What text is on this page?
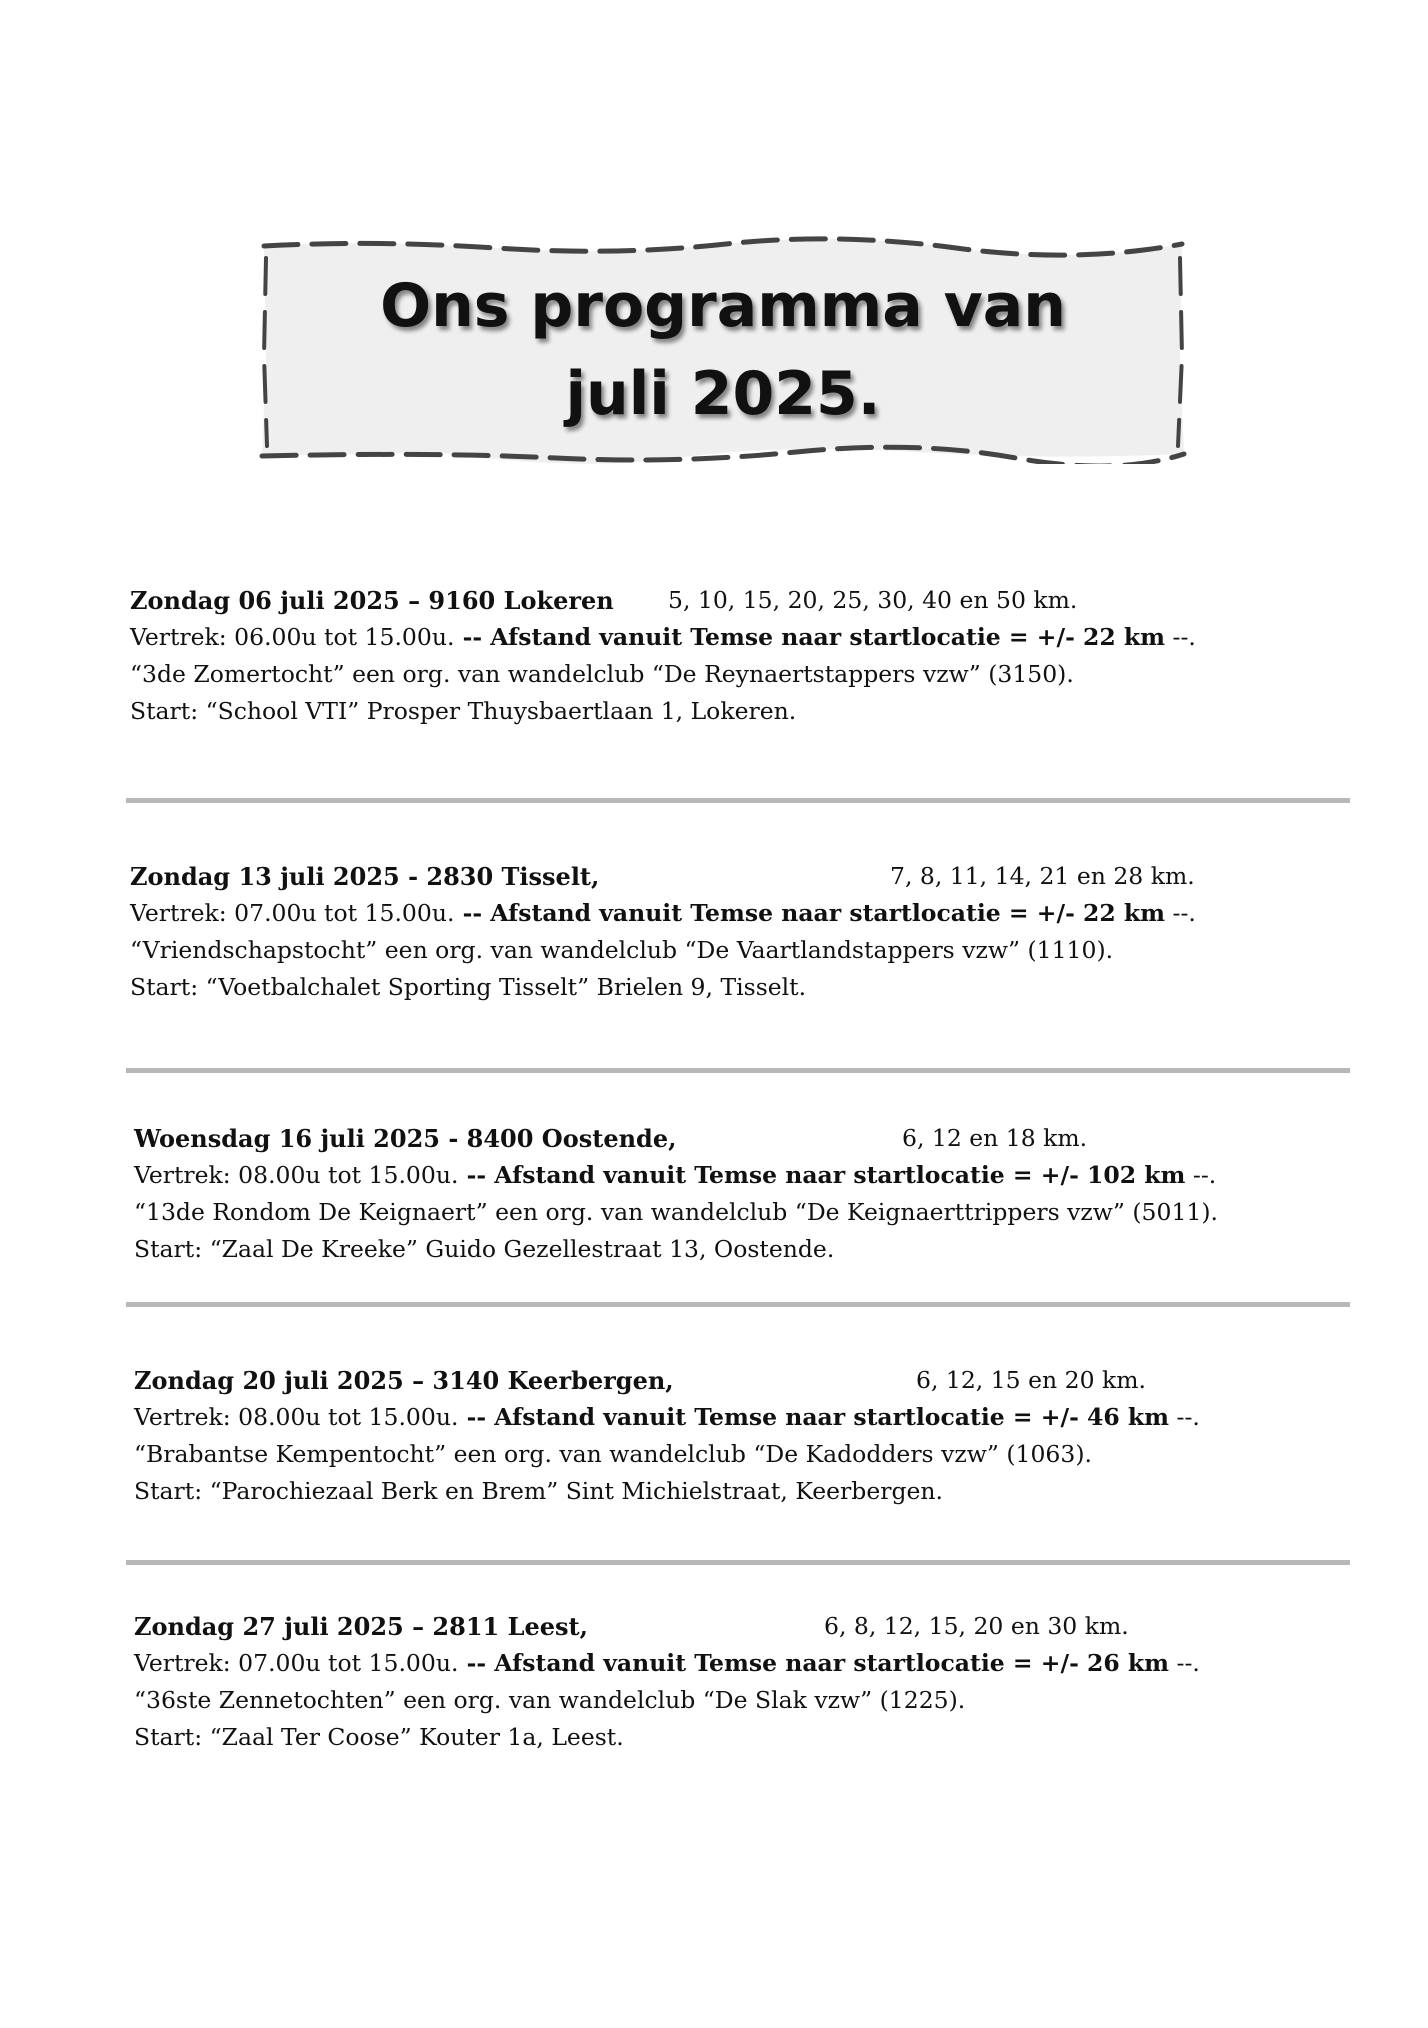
Ons programma van
juli 2025.
Zondag 06 juli 2025 – 9160 Lokeren 5, 10, 15, 20, 25, 30, 40 en 50 km.
Vertrek: 06.00u tot 15.00u. -- Afstand vanuit Temse naar startlocatie = +/- 22 km --.
“3de Zomertocht” een org. van wandelclub “De Reynaertstappers vzw” (3150).
Start: “School VTI” Prosper Thuysbaertlaan 1, Lokeren.
Zondag 13 juli 2025 - 2830 Tisselt,	7, 8, 11, 14, 21 en 28 km.
Vertrek: 07.00u tot 15.00u. -- Afstand vanuit Temse naar startlocatie = +/- 22 km --.
“Vriendschapstocht” een org. van wandelclub “De Vaartlandstappers vzw” (1110).
Start: “Voetbalchalet Sporting Tisselt” Brielen 9, Tisselt.
Woensdag 16 juli 2025 - 8400 Oostende,	6, 12 en 18 km.
Vertrek: 08.00u tot 15.00u. -- Afstand vanuit Temse naar startlocatie = +/- 102 km --.
“13de Rondom De Keignaert” een org. van wandelclub “De Keignaerttrippers vzw” (5011).
Start: “Zaal De Kreeke” Guido Gezellestraat 13, Oostende.
Zondag 20 juli 2025 – 3140 Keerbergen,	6, 12, 15 en 20 km.
Vertrek: 08.00u tot 15.00u. -- Afstand vanuit Temse naar startlocatie = +/- 46 km --.
“Brabantse Kempentocht” een org. van wandelclub “De Kadodders vzw” (1063).
Start: “Parochiezaal Berk en Brem” Sint Michielstraat, Keerbergen.
Zondag 27 juli 2025 – 2811 Leest,	6, 8, 12, 15, 20 en 30 km.
Vertrek: 07.00u tot 15.00u. -- Afstand vanuit Temse naar startlocatie = +/- 26 km --.
“36ste Zennetochten” een org. van wandelclub “De Slak vzw” (1225).
Start: “Zaal Ter Coose” Kouter 1a, Leest.
